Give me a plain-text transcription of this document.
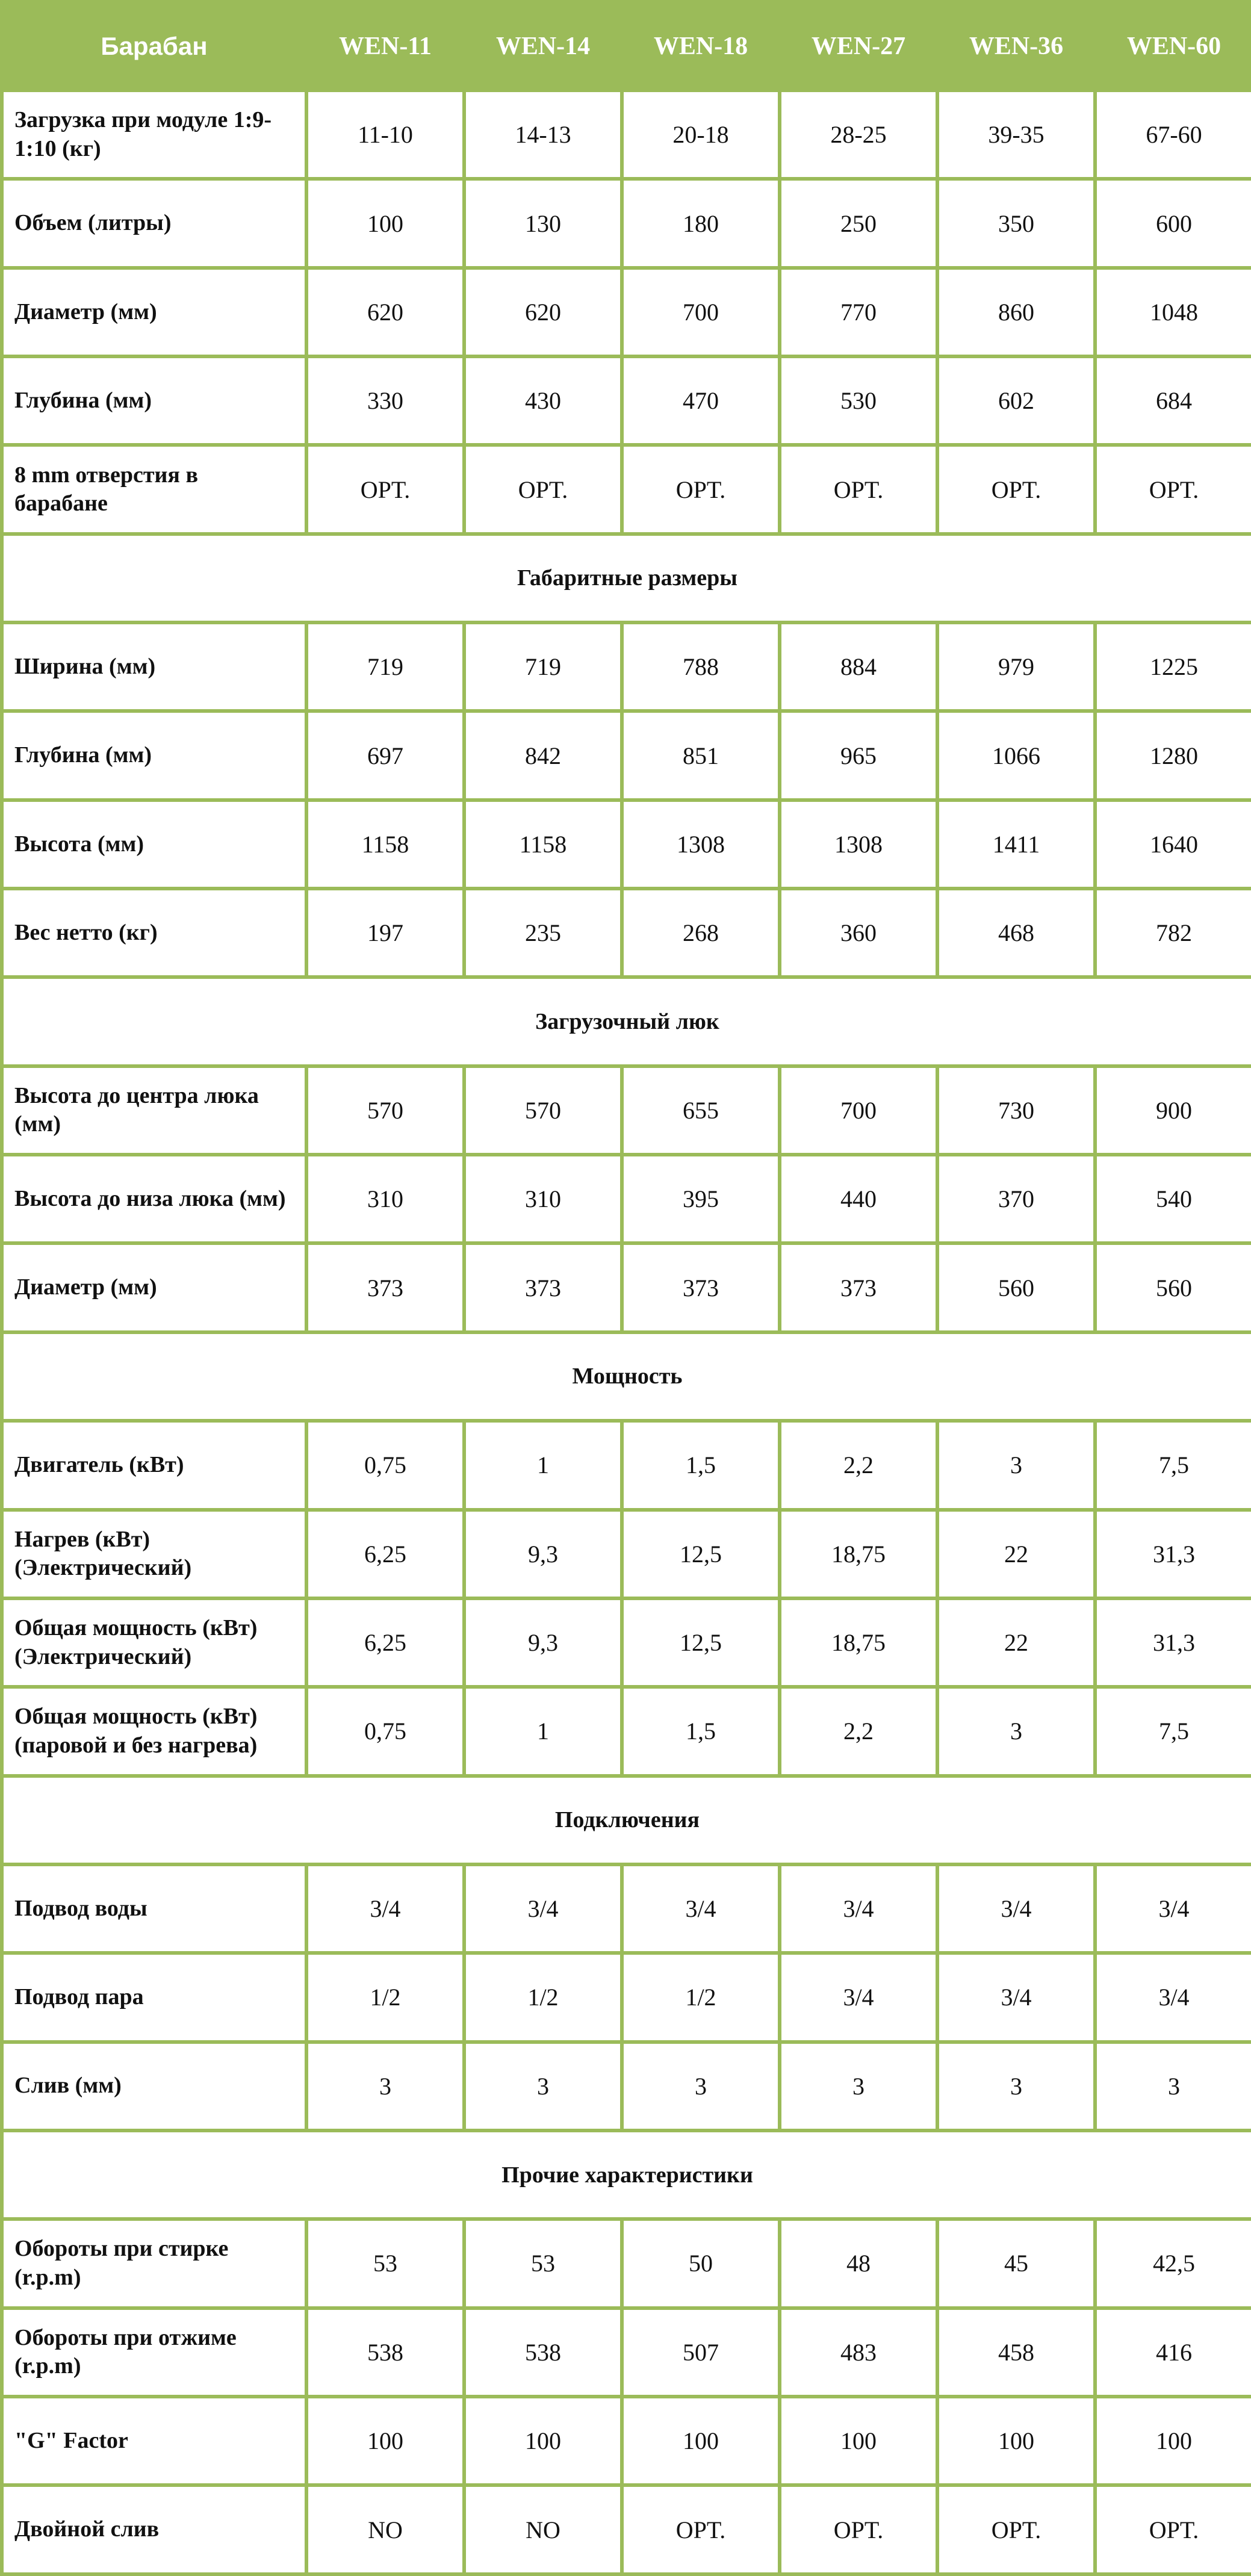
Барабан	WEN-11	WEN-14	WEN-18	WEN-27	WEN-36	WEN-60
Загрузка при модуле 1:9-1:10 (кг)	11-10	14-13	20-18	28-25	39-35	67-60
Объем (литры)	100	130	180	250	350	600
Диаметр (мм)	620	620	700	770	860	1048
Глубина (мм)	330	430	470	530	602	684
8 mm отверстия в барабане	OPT.	OPT.	OPT.	OPT.	OPT.	OPT.
Габаритные размеры						
Ширина (мм)	719	719	788	884	979	1225
Глубина (мм)	697	842	851	965	1066	1280
Высота (мм)	1158	1158	1308	1308	1411	1640
Вес нетто (кг)	197	235	268	360	468	782
Загрузочный люк						
Высота до центра люка (мм)	570	570	655	700	730	900
Высота до низа люка (мм)	310	310	395	440	370	540
Диаметр (мм)	373	373	373	373	560	560
Мощность						
Двигатель (кВт)	0,75	1	1,5	2,2	3	7,5
Нагрев (кВт) (Электрический)	6,25	9,3	12,5	18,75	22	31,3
Общая мощность (кВт) (Электрический)	6,25	9,3	12,5	18,75	22	31,3
Общая мощность (кВт) (паровой и без нагрева)	0,75	1	1,5	2,2	3	7,5
Подключения						
Подвод воды	3/4	3/4	3/4	3/4	3/4	3/4
Подвод пара	1/2	1/2	1/2	3/4	3/4	3/4
Слив (мм)	3	3	3	3	3	3
Прочие характеристики						
Обороты при стирке (r.p.m)	53	53	50	48	45	42,5
Обороты при отжиме (r.p.m)	538	538	507	483	458	416
"G" Factor	100	100	100	100	100	100
Двойной слив	NO	NO	OPT.	OPT.	OPT.	OPT.
